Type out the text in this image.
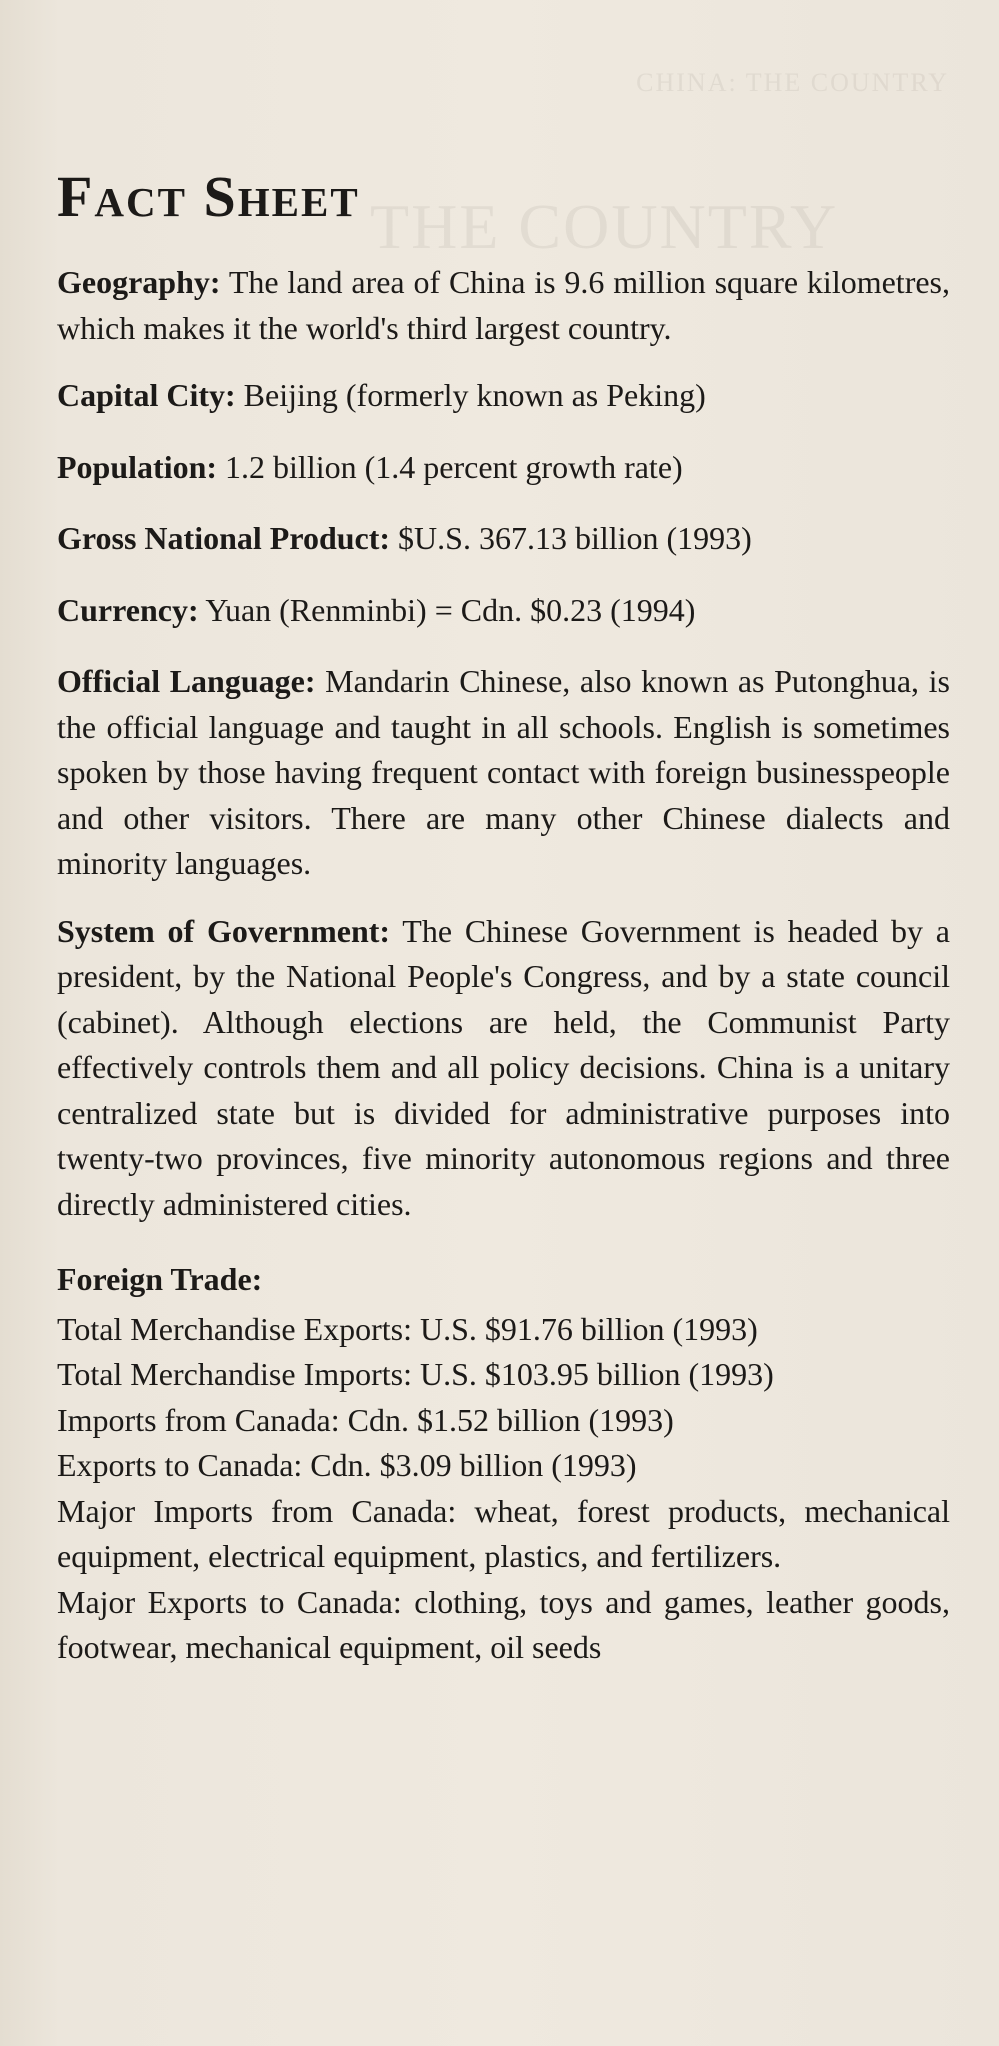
CHINA: THE COUNTRY
THE COUNTRY
Fact Sheet

Geography: The land area of China is 9.6 million square kilometres, which makes it the world's third largest country.

Capital City: Beijing (formerly known as Peking)

Population: 1.2 billion (1.4 percent growth rate)

Gross National Product: $U.S. 367.13 billion (1993)

Currency: Yuan (Renminbi) = Cdn. $0.23 (1994)

Official Language: Mandarin Chinese, also known as Putonghua, is the official language and taught in all schools. English is sometimes spoken by those having frequent contact with foreign businesspeople and other visitors. There are many other Chinese dialects and minority languages.

System of Government: The Chinese Government is headed by a president, by the National People's Congress, and by a state council (cabinet). Although elections are held, the Communist Party effectively controls them and all policy decisions. China is a unitary centralized state but is divided for administrative purposes into twenty-two provinces, five minority autonomous regions and three directly administered cities.

Foreign Trade:

Total Merchandise Exports: U.S. $91.76 billion (1993)

Total Merchandise Imports: U.S. $103.95 billion (1993)

Imports from Canada: Cdn. $1.52 billion (1993)

Exports to Canada: Cdn. $3.09 billion (1993)

Major Imports from Canada: wheat, forest products, mechanical equipment, electrical equipment, plastics, and fertilizers.

Major Exports to Canada: clothing, toys and games, leather goods, footwear, mechanical equipment, oil seeds
